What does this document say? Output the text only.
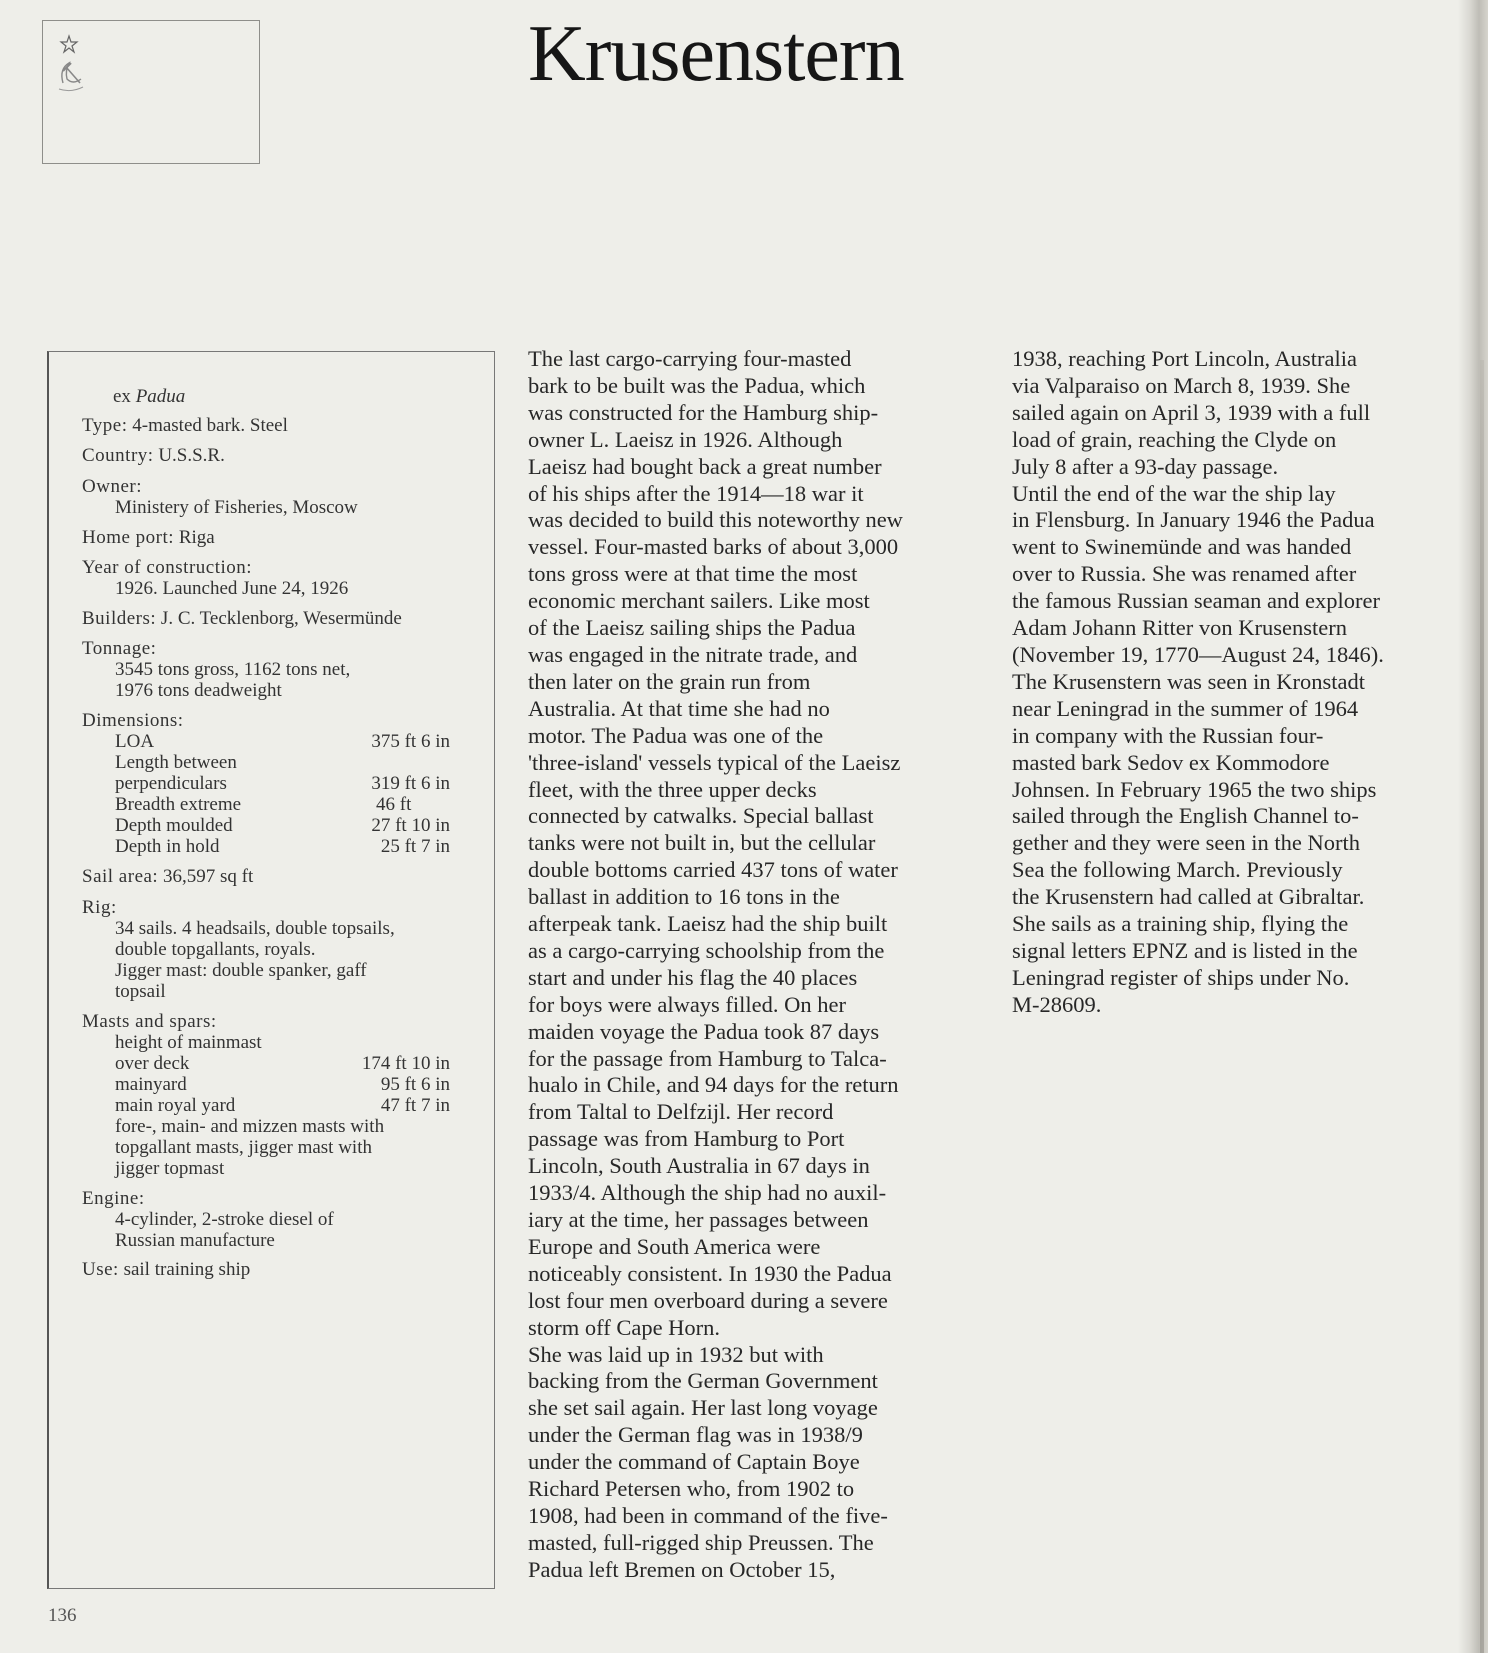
Krusenstern
ex Padua
Type: 4-masted bark. Steel
Country: U.S.S.R.
Owner:
Ministery of Fisheries, Moscow
Home port: Riga
Year of construction:
1926. Launched June 24, 1926
Builders: J. C. Tecklenborg, Wesermünde
Tonnage:
3545 tons gross, 1162 tons net,
1976 tons deadweight
Dimensions:
LOA	375 ft 6 in
Length between
perpendiculars	319 ft 6 in
Breadth extreme	46 ft
Depth moulded	27 ft 10 in
Depth in hold	25 ft 7 in
Sail area: 36,597 sq ft
Rig:
34 sails. 4 headsails, double topsails,
double topgallants, royals.
Jigger mast: double spanker, gaff
topsail
Masts and spars:
height of mainmast
over deck	174 ft 10 in
mainyard	95 ft 6 in
main royal yard	47 ft 7 in
fore-, main- and mizzen masts with
topgallant masts, jigger mast with
jigger topmast
Engine:
4-cylinder, 2-stroke diesel of
Russian manufacture
Use: sail training ship
The last cargo-carrying four-masted
bark to be built was the Padua, which
was constructed for the Hamburg ship-
owner L. Laeisz in 1926. Although
Laeisz had bought back a great number
of his ships after the 1914—18 war it
was decided to build this noteworthy new
vessel. Four-masted barks of about 3,000
tons gross were at that time the most
economic merchant sailers. Like most
of the Laeisz sailing ships the Padua
was engaged in the nitrate trade, and
then later on the grain run from
Australia. At that time she had no
motor. The Padua was one of the
'three-island' vessels typical of the Laeisz
fleet, with the three upper decks
connected by catwalks. Special ballast
tanks were not built in, but the cellular
double bottoms carried 437 tons of water
ballast in addition to 16 tons in the
afterpeak tank. Laeisz had the ship built
as a cargo-carrying schoolship from the
start and under his flag the 40 places
for boys were always filled. On her
maiden voyage the Padua took 87 days
for the passage from Hamburg to Talca-
hualo in Chile, and 94 days for the return
from Taltal to Delfzijl. Her record
passage was from Hamburg to Port
Lincoln, South Australia in 67 days in
1933/4. Although the ship had no auxil-
iary at the time, her passages between
Europe and South America were
noticeably consistent. In 1930 the Padua
lost four men overboard during a severe
storm off Cape Horn.
She was laid up in 1932 but with
backing from the German Government
she set sail again. Her last long voyage
under the German flag was in 1938/9
under the command of Captain Boye
Richard Petersen who, from 1902 to
1908, had been in command of the five-
masted, full-rigged ship Preussen. The
Padua left Bremen on October 15,
1938, reaching Port Lincoln, Australia
via Valparaiso on March 8, 1939. She
sailed again on April 3, 1939 with a full
load of grain, reaching the Clyde on
July 8 after a 93-day passage.
Until the end of the war the ship lay
in Flensburg. In January 1946 the Padua
went to Swinemünde and was handed
over to Russia. She was renamed after
the famous Russian seaman and explorer
Adam Johann Ritter von Krusenstern
(November 19, 1770—August 24, 1846).
The Krusenstern was seen in Kronstadt
near Leningrad in the summer of 1964
in company with the Russian four-
masted bark Sedov ex Kommodore
Johnsen. In February 1965 the two ships
sailed through the English Channel to-
gether and they were seen in the North
Sea the following March. Previously
the Krusenstern had called at Gibraltar.
She sails as a training ship, flying the
signal letters EPNZ and is listed in the
Leningrad register of ships under No.
M-28609.
136
